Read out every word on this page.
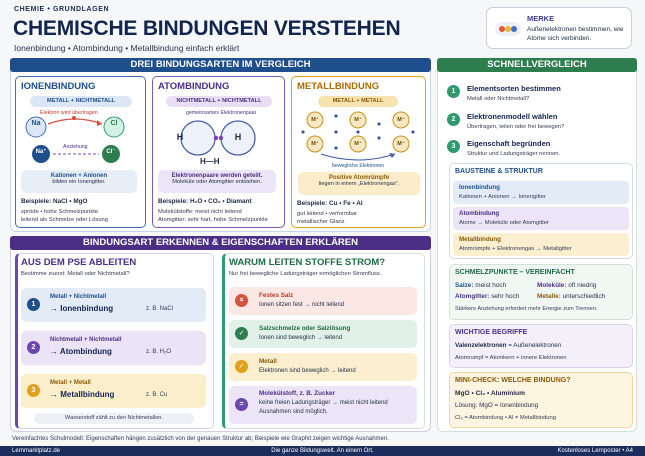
CHEMIE • GRUNDLAGEN
CHEMISCHE BINDUNGEN VERSTEHEN
Ionenbindung • Atombindung • Metallbindung einfach erklärt
MERKE
Außenelektronen bestimmen, wie Atome sich verbinden.
DREI BINDUNGSARTEN IM VERGLEICH
IONENBINDUNG
METALL + NICHTMETALL
Elektron wird übertragen
Na	Cl
Na⁺	Cl⁻
Anziehung
Kationen + Anionen
bilden ein Ionengitter.
Beispiele: NaCl • MgO
spröde • hohe Schmelzpunkte
leitend als Schmelze oder Lösung
ATOMBINDUNG
NICHTMETALL + NICHTMETALL
gemeinsames Elektronenpaar
H	H
H—H
Elektronenpaare werden geteilt.
Moleküle oder Atomgitter entstehen.
Beispiele: H₂O • CO₂ • Diamant
Molekülstoffe: meist nicht leitend
Atomgitter: sehr hart, hohe Schmelzpunkte
METALLBINDUNG
METALL + METALL
M⁺	M⁺	M⁺
M⁺	M⁺	M⁺
bewegliche Elektronen
Positive Atomrümpfe
liegen in einem „Elektronengas“.
Beispiele: Cu • Fe • Al
gut leitend • verformbar
metallischer Glanz
BINDUNGSART ERKENNEN & EIGENSCHAFTEN ERKLÄREN
AUS DEM PSE ABLEITEN
Bestimme zuerst: Metall oder Nichtmetall?
1
Metall + Nichtmetall
→ Ionenbindung	z. B. NaCl
2
Nichtmetall + Nichtmetall
→ Atombindung	z. B. H₂O
3
Metall + Metall
→ Metallbindung	z. B. Cu
Wasserstoff zählt zu den Nichtmetallen.
WARUM LEITEN STOFFE STROM?
Nur frei bewegliche Ladungsträger ermöglichen Stromfluss.
×
Festes Salz
Ionen sitzen fest → nicht leitend
✓
Salzschmelze oder Salzlösung
Ionen sind beweglich → leitend
✓
Metall
Elektronen sind beweglich → leitend
=
Molekülstoff, z. B. Zucker
keine freien Ladungsträger → meist nicht leitend
Ausnahmen sind möglich.
SCHNELLVERGLEICH
1	Elementsorten bestimmen
Metall oder Nichtmetall?
2	Elektronenmodell wählen
Übertragen, teilen oder frei bewegen?
3	Eigenschaft begründen
Struktur und Ladungsträger nennen.
BAUSTEINE & STRUKTUR
Ionenbindung
Kationen + Anionen → Ionengitter
Atombindung
Atome → Moleküle oder Atomgitter
Metallbindung
Atomrümpfe + Elektronengas → Metallgitter
SCHMELZPUNKTE – VEREINFACHT
Salze: meist hoch	Moleküle: oft niedrig
Atomgitter: sehr hoch	Metalle: unterschiedlich
Stärkere Anziehung erfordert mehr Energie zum Trennen.
WICHTIGE BEGRIFFE
Valenzelektronen = Außenelektronen
Atomrumpf = Atomkern + innere Elektronen
MINI-CHECK: WELCHE BINDUNG?
MgO • Cl₂ • Aluminium
Lösung: MgO = Ionenbindung
Cl₂ = Atombindung • Al = Metallbindung
Vereinfachtes Schulmodell: Eigenschaften hängen zusätzlich von der genauen Struktur ab; Beispiele wie Graphit zeigen wichtige Ausnahmen.
Lernmarktplatz.de	Die ganze Bildungswelt. An einem Ort.	Kostenloses Lernposter • A4
